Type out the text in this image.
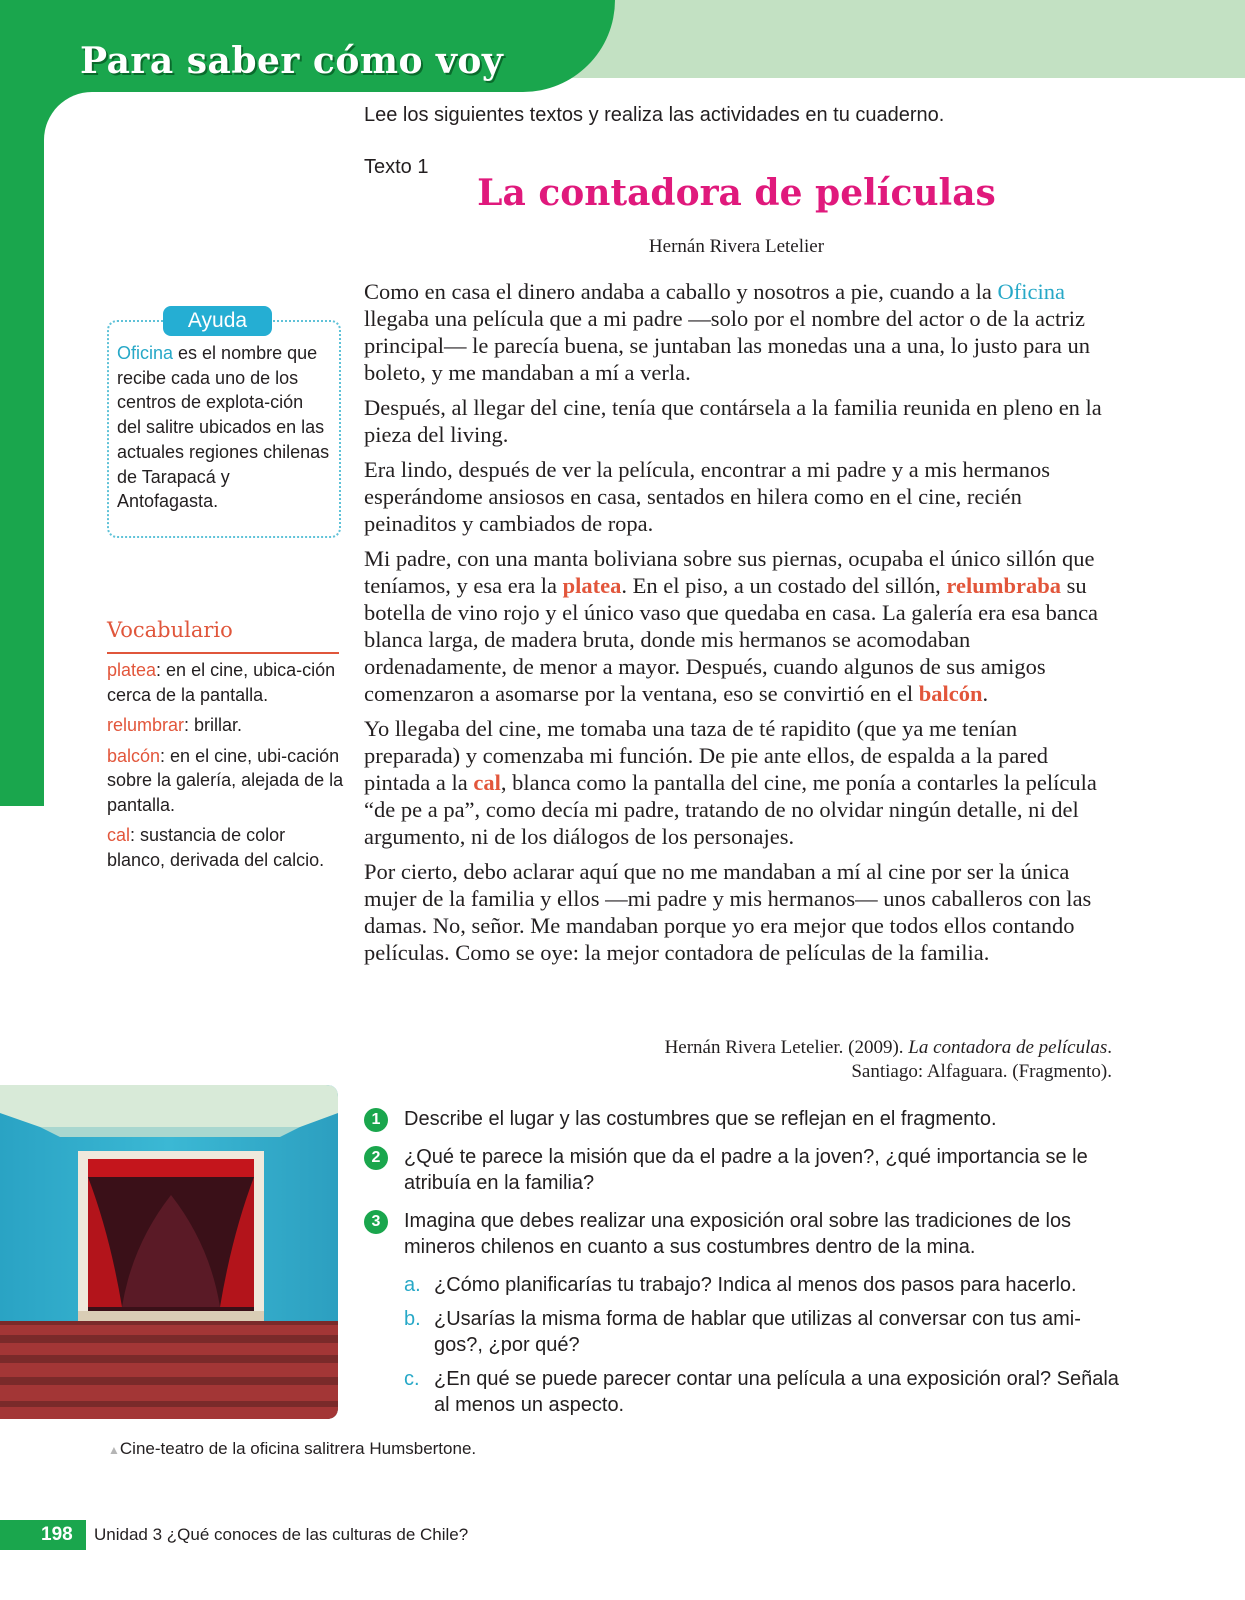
Para saber cómo voy
Lee los siguientes textos y realiza las actividades en tu cuaderno.
Texto 1
La contadora de películas
Hernán Rivera Letelier

Como en casa el dinero andaba a caballo y nosotros a pie, cuando a la Oficina llegaba una película que a mi padre —solo por el nombre del actor o de la actriz principal— le parecía buena, se juntaban las monedas una a una, lo justo para un boleto, y me mandaban a mí a verla.

Después, al llegar del cine, tenía que contársela a la familia reunida en pleno en la pieza del living.

Era lindo, después de ver la película, encontrar a mi padre y a mis hermanos esperándome ansiosos en casa, sentados en hilera como en el cine, recién peinaditos y cambiados de ropa.

Mi padre, con una manta boliviana sobre sus piernas, ocupaba el único sillón que teníamos, y esa era la platea. En el piso, a un costado del sillón, relumbraba su botella de vino rojo y el único vaso que quedaba en casa. La galería era esa banca blanca larga, de madera bruta, donde mis hermanos se acomodaban ordenadamente, de menor a mayor. Después, cuando algunos de sus amigos comenzaron a asomarse por la ventana, eso se convirtió en el balcón.

Yo llegaba del cine, me tomaba una taza de té rapidito (que ya me tenían preparada) y comenzaba mi función. De pie ante ellos, de espalda a la pared pintada a la cal, blanca como la pantalla del cine, me ponía a contarles la película “de pe a pa”, como decía mi padre, tratando de no olvidar ningún detalle, ni del argumento, ni de los diálogos de los personajes.

Por cierto, debo aclarar aquí que no me mandaban a mí al cine por ser la única mujer de la familia y ellos —mi padre y mis hermanos— unos caballeros con las damas. No, señor. Me mandaban porque yo era mejor que todos ellos contando películas. Como se oye: la mejor contadora de películas de la familia.

Hernán Rivera Letelier. (2009). La contadora de películas.
Santiago: Alfaguara. (Fragmento).
Ayuda
Oficina es el nombre que recibe cada uno de los centros de explota-ción del salitre ubicados en las actuales regiones chilenas de Tarapacá y Antofagasta.
Vocabulario

platea: en el cine, ubica-ción cerca de la pantalla.

relumbrar: brillar.

balcón: en el cine, ubi-cación sobre la galería, alejada de la pantalla.

cal: sustancia de color blanco, derivada del calcio.

▲Cine-teatro de la oficina salitrera Humsbertone.
1	Describe el lugar y las costumbres que se reflejan en el fragmento.
2	¿Qué te parece la misión que da el padre a la joven?, ¿qué importancia se le atribuía en la familia?
3	Imagina que debes realizar una exposición oral sobre las tradiciones de los mineros chilenos en cuanto a sus costumbres dentro de la mina.
a. ¿Cómo planificarías tu trabajo? Indica al menos dos pasos para hacerlo.
b. ¿Usarías la misma forma de hablar que utilizas al conversar con tus ami-gos?, ¿por qué?
c. ¿En qué se puede parecer contar una película a una exposición oral? Señala al menos un aspecto.
198 Unidad 3 ¿Qué conoces de las culturas de Chile?
